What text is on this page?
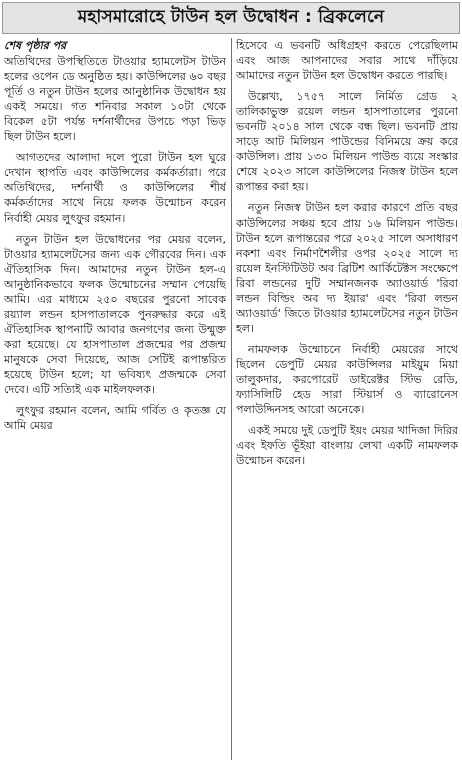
মহাসমারোহে টাউন হল উদ্বোধন : ব্রিকলেনে
শেষ পৃষ্ঠার পর

অতিথিদের উপস্থিতিতে টাওয়ার হ্যামলেটস টাউন হলের ওপেন ডে অনুষ্ঠিত হয়। কাউন্সিলের ৬০ বছর পূর্তি ও নতুন টাউন হলের আনুষ্ঠানিক উদ্বোধন হয় একই সময়ে। গত শনিবার সকাল ১০টা থেকে বিকেল ৫টা পর্যন্ত দর্শনার্থীদের উপচে পড়া ভিড় ছিল টাউন হলে।

আগতদের আলাদা দলে পুরো টাউন হল ঘুরে দেখান স্থাপতি এবং কাউন্সিলের কর্মকর্তারা। পরে অতিথিদের, দর্শনার্থী ও কাউন্সিলের শীর্ষ কর্মকর্তাদের সাথে নিয়ে ফলক উন্মোচন করেন নির্বাহী মেয়র লুৎফুর রহমান।

নতুন টাউন হল উদ্বোধনের পর মেয়র বলেন, টাওয়ার হ্যামলেটসের জন্য এক গৌরবের দিন। এক ঐতিহাসিক দিন। আমাদের নতুন টাউন হল-এ আনুষ্ঠানিকভাবে ফলক উন্মোচনের সম্মান পেয়েছি আমি। এর মাধ্যমে ২৫০ বছরের পুরনো সাবেক রয়্যাল লন্ডন হাসপাতালকে পুনরুদ্ধার করে এই ঐতিহাসিক স্থাপনাটি আবার জনগণের জন্য উন্মুক্ত করা হয়েছে। যে হাসপাতাল প্রজন্মের পর প্রজন্ম মানুষকে সেবা দিয়েছে, আজ সেটিই রূপান্তরিত হয়েছে টাউন হলে; যা ভবিষ্যৎ প্রজন্মকে সেবা দেবে। এটি সত্যিই এক মাইলফলক।

লুৎফুর রহমান বলেন, আমি গর্বিত ও কৃতজ্ঞ যে আমি মেয়র

হিসেবে এ ভবনটি অধিগ্রহণ করতে পেরেছিলাম এবং আজ আপনাদের সবার সাথে দাঁড়িয়ে আমাদের নতুন টাউন হল উদ্বোধন করতে পারছি।

উল্লেখ্য, ১৭৫৭ সালে নির্মিত গ্রেড ২ তালিকাভুক্ত রয়েল লন্ডন হাসপাতালের পুরনো ভবনটি ২০১৪ সাল থেকে বন্ধ ছিল। ভবনটি প্রায় সাড়ে আট মিলিয়ন পাউন্ডের বিনিময়ে ক্রয় করে কাউন্সিল। প্রায় ১৩০ মিলিয়ন পাউন্ড ব্যয়ে সংস্কার শেষে ২০২৩ সালে কাউন্সিলের নিজস্ব টাউন হলে রূপান্তর করা হয়।

নতুন নিজস্ব টাউন হল করার কারণে প্রতি বছর কাউন্সিলের সঞ্চয় হবে প্রায় ১৬ মিলিয়ন পাউন্ড। টাউন হলে রূপান্তরের পরে ২০২৫ সালে অসাধারণ নকশা এবং নির্মাণশৈলীর ওপর ২০২৫ সালে দ্য রয়েল ইনস্টিটিউট অব ব্রিটিশ আর্কিটেক্টস সংক্ষেপে রিবা লন্ডনের দুটি সম্মানজনক অ্যাওয়ার্ড 'রিবা লন্ডন বিল্ডিং অব দ্য ইয়ার' এবং 'রিবা লন্ডন অ্যাওয়ার্ড' জিতে টাওয়ার হ্যামলেটসের নতুন টাউন হল।

নামফলক উন্মোচনে নির্বাহী মেয়রের সাথে ছিলেন ডেপুটি মেয়র কাউন্সিলর মাইয়ুম মিয়া তালুকদার, করপোরেট ডাইরেক্টর স্টিভ রেডি, ফ্যাসিলিটি হেড সারা স্টিয়ার্স ও ব্যারোনেস পলাউদ্দিনসহ আরো অনেকে।

একই সময়ে দুই ডেপুটি ইয়ং মেয়র খাদিজা দিরির এবং ইফতি ভূঁইয়া বাংলায় লেখা একটি নামফলক উন্মোচন করেন।
